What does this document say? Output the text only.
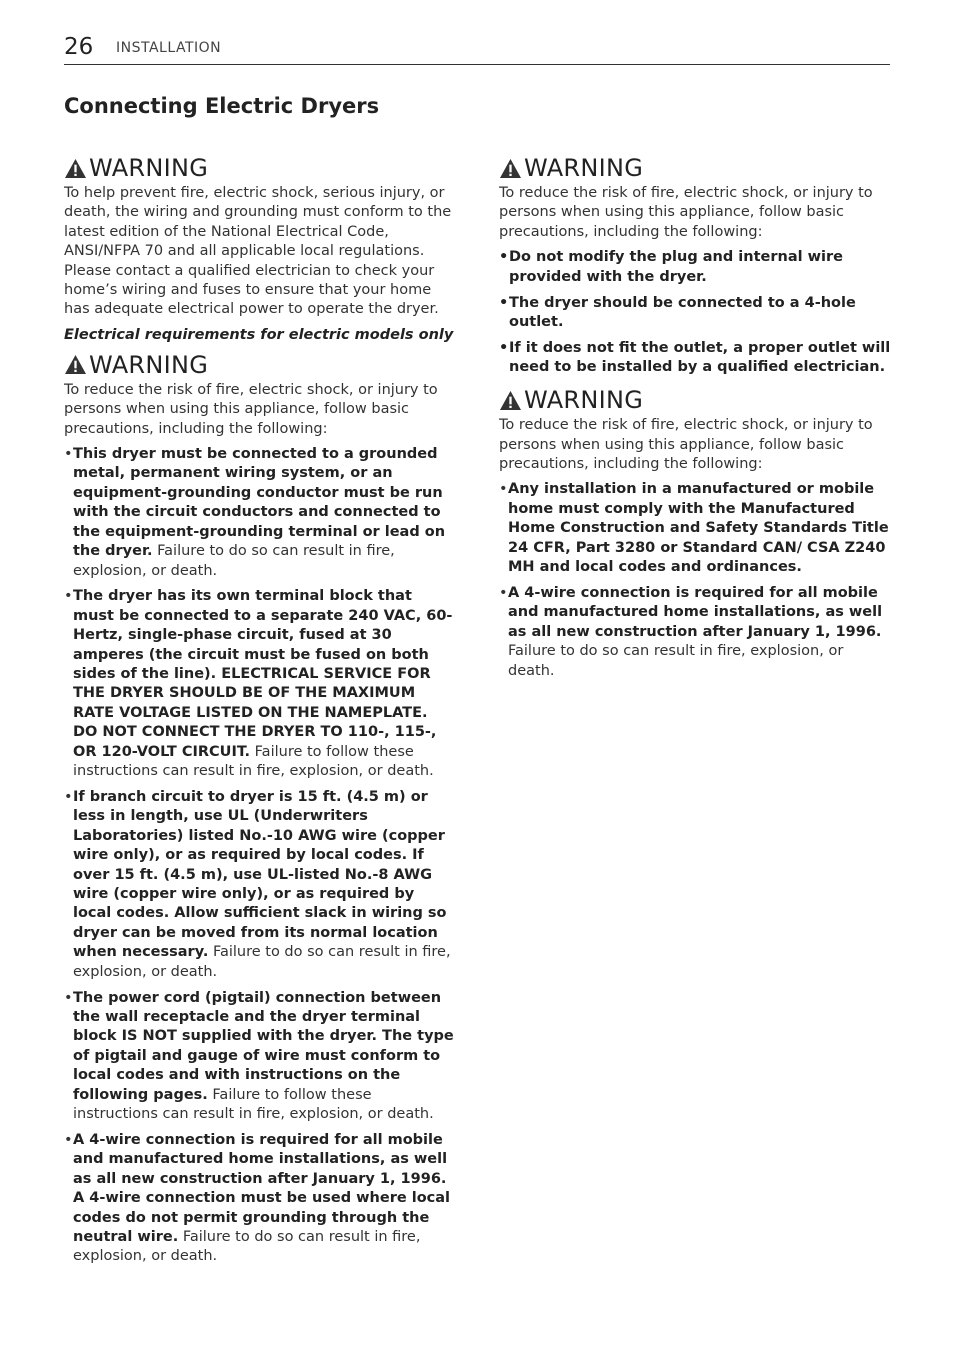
26 INSTALLATION
Connecting Electric Dryers
WARNING

To help prevent fire, electric shock, serious injury, or death, the wiring and grounding must conform to the latest edition of the National Electrical Code, ANSI/NFPA 70 and all applicable local regulations. Please contact a qualified electrician to check your home’s wiring and fuses to ensure that your home has adequate electrical power to operate the dryer.

Electrical requirements for electric models only

WARNING

To reduce the risk of fire, electric shock, or injury to persons when using this appliance, follow basic precautions, including the following:

• This dryer must be connected to a grounded metal, permanent wiring system, or an equipment-grounding conductor must be run with the circuit conductors and connected to the equipment-grounding terminal or lead on the dryer. Failure to do so can result in fire, explosion, or death.
• The dryer has its own terminal block that must be connected to a separate 240 VAC, 60-Hertz, single-phase circuit, fused at 30 amperes (the circuit must be fused on both sides of the line). ELECTRICAL SERVICE FOR THE DRYER SHOULD BE OF THE MAXIMUM RATE VOLTAGE LISTED ON THE NAMEPLATE. DO NOT CONNECT THE DRYER TO 110-, 115-, OR 120-VOLT CIRCUIT. Failure to follow these instructions can result in fire, explosion, or death.
• If branch circuit to dryer is 15 ft. (4.5 m) or less in length, use UL (Underwriters Laboratories) listed No.-10 AWG wire (copper wire only), or as required by local codes. If over 15 ft. (4.5 m), use UL-listed No.-8 AWG wire (copper wire only), or as required by local codes. Allow sufficient slack in wiring so dryer can be moved from its normal location when necessary. Failure to do so can result in fire, explosion, or death.
• The power cord (pigtail) connection between the wall receptacle and the dryer terminal block IS NOT supplied with the dryer. The type of pigtail and gauge of wire must conform to local codes and with instructions on the following pages. Failure to follow these instructions can result in fire, explosion, or death.
• A 4-wire connection is required for all mobile and manufactured home installations, as well as all new construction after January 1, 1996. A 4-wire connection must be used where local codes do not permit grounding through the neutral wire. Failure to do so can result in fire, explosion, or death.
WARNING

To reduce the risk of fire, electric shock, or injury to persons when using this appliance, follow basic precautions, including the following:

• Do not modify the plug and internal wire provided with the dryer.
• The dryer should be connected to a 4-hole outlet.
• If it does not fit the outlet, a proper outlet will need to be installed by a qualified electrician.
WARNING

To reduce the risk of fire, electric shock, or injury to persons when using this appliance, follow basic precautions, including the following:

• Any installation in a manufactured or mobile home must comply with the Manufactured Home Construction and Safety Standards Title 24 CFR, Part 3280 or Standard CAN/ CSA Z240 MH and local codes and ordinances.
• A 4-wire connection is required for all mobile and manufactured home installations, as well as all new construction after January 1, 1996. Failure to do so can result in fire, explosion, or death.
